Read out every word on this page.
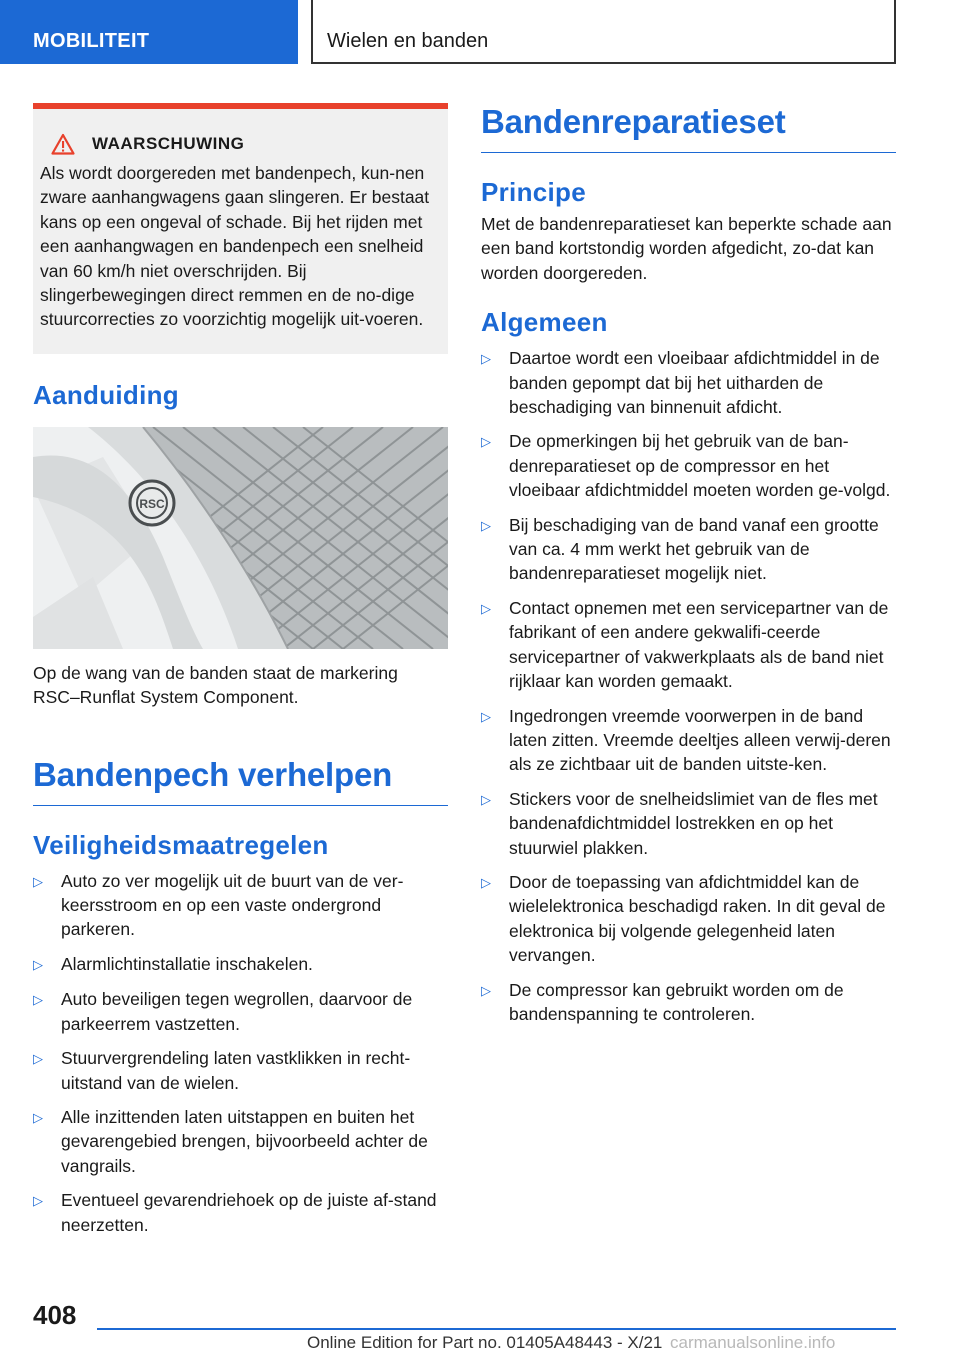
MOBILITEIT	Wielen en banden
WAARSCHUWING
Als wordt doorgereden met bandenpech, kun-nen zware aanhangwagens gaan slingeren. Er bestaat kans op een ongeval of schade. Bij het rijden met een aanhangwagen en bandenpech een snelheid van 60 km/h niet overschrijden. Bij slingerbewegingen direct remmen en de no-dige stuurcorrecties zo voorzichtig mogelijk uit-voeren.
Aanduiding
RSC
Op de wang van de banden staat de markering RSC–Runflat System Component.
Bandenpech verhelpen
Veiligheidsmaatregelen
▷	Auto zo ver mogelijk uit de buurt van de ver-keersstroom en op een vaste ondergrond parkeren.
▷	Alarmlichtinstallatie inschakelen.
▷	Auto beveiligen tegen wegrollen, daarvoor de parkeerrem vastzetten.
▷	Stuurvergrendeling laten vastklikken in recht-uitstand van de wielen.
▷	Alle inzittenden laten uitstappen en buiten het gevarengebied brengen, bijvoorbeeld achter de vangrails.
▷	Eventueel gevarendriehoek op de juiste af-stand neerzetten.
Bandenreparatieset
Principe
Met de bandenreparatieset kan beperkte schade aan een band kortstondig worden afgedicht, zo-dat kan worden doorgereden.
Algemeen
▷	Daartoe wordt een vloeibaar afdichtmiddel in de banden gepompt dat bij het uitharden de beschadiging van binnenuit afdicht.
▷	De opmerkingen bij het gebruik van de ban-denreparatieset op de compressor en het vloeibaar afdichtmiddel moeten worden ge-volgd.
▷	Bij beschadiging van de band vanaf een grootte van ca. 4 mm werkt het gebruik van de bandenreparatieset mogelijk niet.
▷	Contact opnemen met een servicepartner van de fabrikant of een andere gekwalifi-ceerde servicepartner of vakwerkplaats als de band niet rijklaar kan worden gemaakt.
▷	Ingedrongen vreemde voorwerpen in de band laten zitten. Vreemde deeltjes alleen verwij-deren als ze zichtbaar uit de banden uitste-ken.
▷	Stickers voor de snelheidslimiet van de fles met bandenafdichtmiddel lostrekken en op het stuurwiel plakken.
▷	Door de toepassing van afdichtmiddel kan de wielelektronica beschadigd raken. In dit geval de elektronica bij volgende gelegenheid laten vervangen.
▷	De compressor kan gebruikt worden om de bandenspanning te controleren.
408
Online Edition for Part no. 01405A48443 - X/21 carmanualsonline.info
